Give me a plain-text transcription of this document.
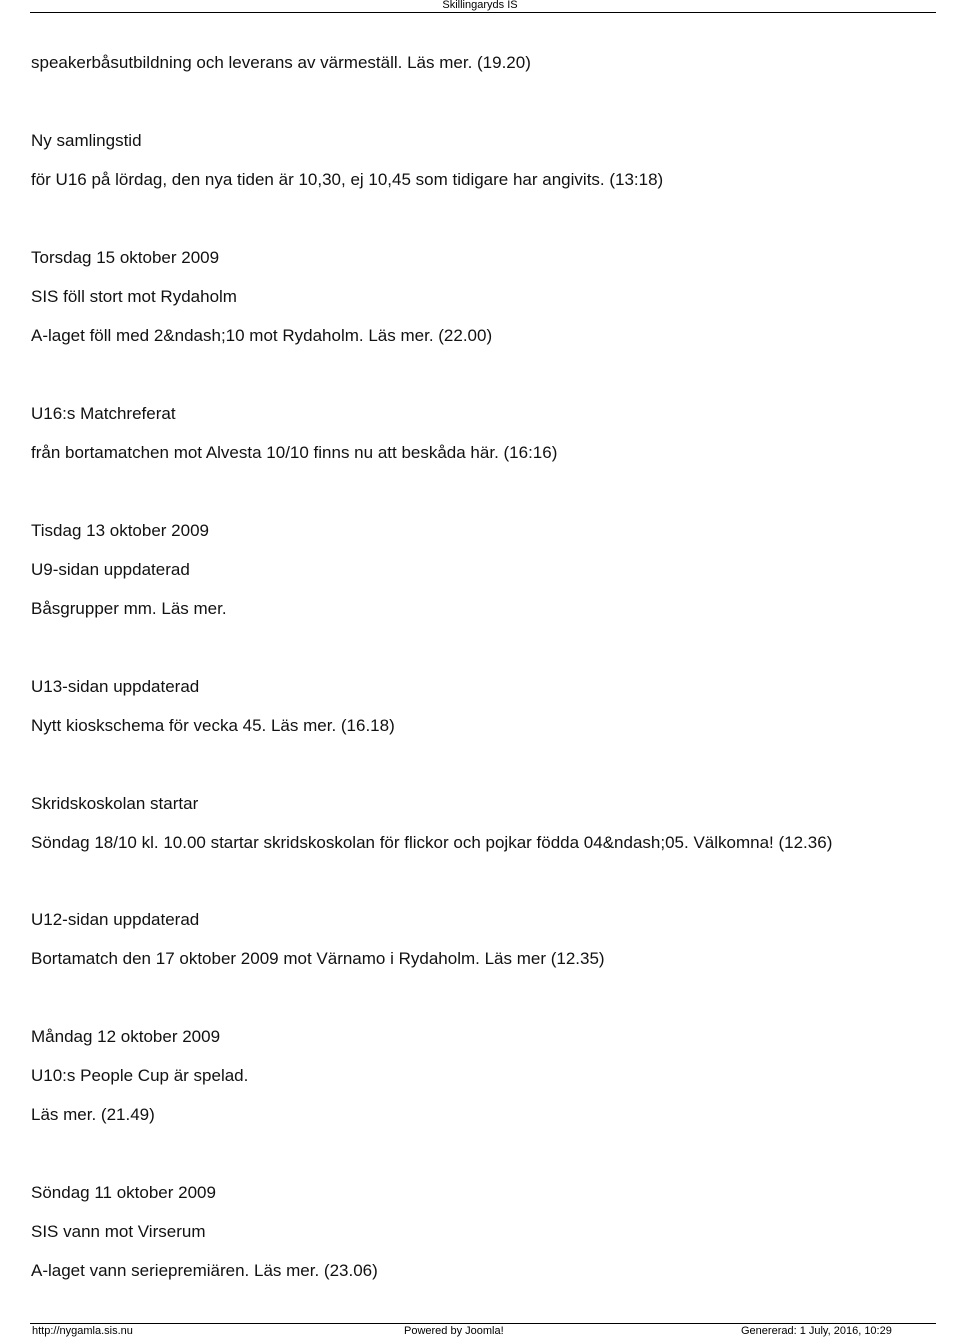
Skillingaryds IS
speakerbåsutbildning och leverans av värmeställ. Läs mer. (19.20)
Ny samlingstid
för U16 på lördag, den nya tiden är 10,30, ej 10,45 som tidigare har angivits. (13:18)
Torsdag 15 oktober 2009
SIS föll stort mot Rydaholm
A-laget föll med 2&ndash;10 mot Rydaholm. Läs mer. (22.00)
U16:s Matchreferat
från bortamatchen mot Alvesta 10/10 finns nu att beskåda här. (16:16)
Tisdag 13 oktober 2009
U9-sidan uppdaterad
Båsgrupper mm. Läs mer.
U13-sidan uppdaterad
Nytt kioskschema för vecka 45. Läs mer. (16.18)
Skridskoskolan startar
Söndag 18/10 kl. 10.00 startar skridskoskolan för flickor och pojkar födda 04&ndash;05. Välkomna! (12.36)
U12-sidan uppdaterad
Bortamatch den 17 oktober 2009 mot Värnamo i Rydaholm. Läs mer (12.35)
Måndag 12 oktober 2009
U10:s People Cup är spelad.
Läs mer. (21.49)
Söndag 11 oktober 2009
SIS vann mot Virserum
A-laget vann seriepremiären. Läs mer. (23.06)
http://nygamla.sis.nu	Powered by Joomla!	Genererad: 1 July, 2016, 10:29
